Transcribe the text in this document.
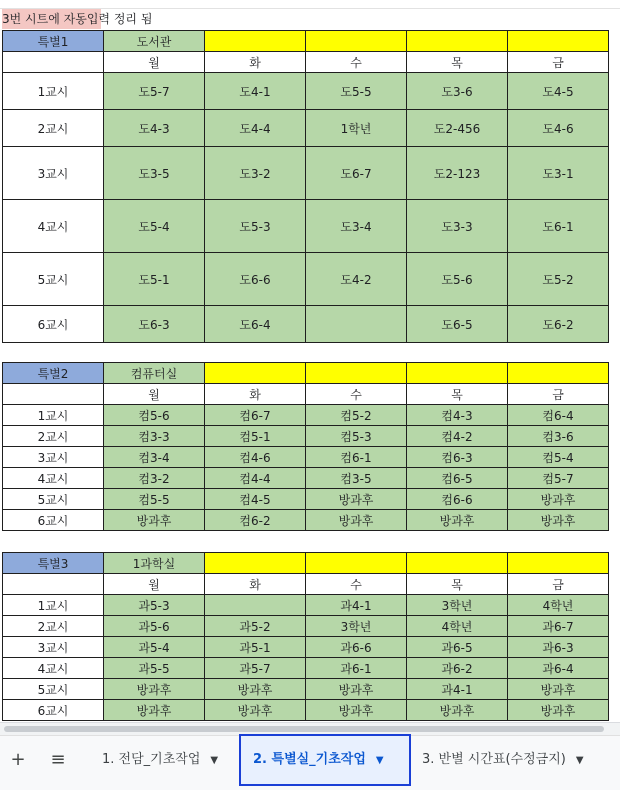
3번 시트에 자동입력 정리 됨
특별1	도서관				
	월	화	수	목	금
1교시	도5-7	도4-1	도5-5	도3-6	도4-5
2교시	도4-3	도4-4	1학년	도2-456	도4-6
3교시	도3-5	도3-2	도6-7	도2-123	도3-1
4교시	도5-4	도5-3	도3-4	도3-3	도6-1
5교시	도5-1	도6-6	도4-2	도5-6	도5-2
6교시	도6-3	도6-4		도6-5	도6-2
특별2	컴퓨터실				
	월	화	수	목	금
1교시	컴5-6	컴6-7	컴5-2	컴4-3	컴6-4
2교시	컴3-3	컴5-1	컴5-3	컴4-2	컴3-6
3교시	컴3-4	컴4-6	컴6-1	컴6-3	컴5-4
4교시	컴3-2	컴4-4	컴3-5	컴6-5	컴5-7
5교시	컴5-5	컴4-5	방과후	컴6-6	방과후
6교시	방과후	컴6-2	방과후	방과후	방과후
특별3	1과학실				
	월	화	수	목	금
1교시	과5-3		과4-1	3학년	4학년
2교시	과5-6	과5-2	3학년	4학년	과6-7
3교시	과5-4	과5-1	과6-6	과6-5	과6-3
4교시	과5-5	과5-7	과6-1	과6-2	과6-4
5교시	방과후	방과후	방과후	과4-1	방과후
6교시	방과후	방과후	방과후	방과후	방과후
+	≡	1. 전담_기초작업 ▼	2. 특별실_기초작업 ▼	3. 반별 시간표(수정금지) ▼
